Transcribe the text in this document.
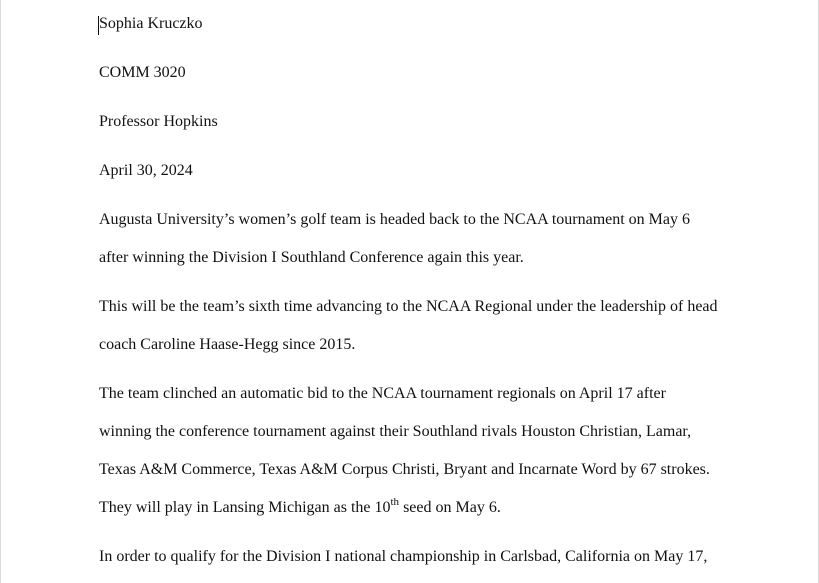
Sophia Kruczko
COMM 3020
Professor Hopkins
April 30, 2024
Augusta University’s women’s golf team is headed back to the NCAA tournament on May 6
after winning the Division I Southland Conference again this year.
This will be the team’s sixth time advancing to the NCAA Regional under the leadership of head
coach Caroline Haase-Hegg since 2015.
The team clinched an automatic bid to the NCAA tournament regionals on April 17 after
winning the conference tournament against their Southland rivals Houston Christian, Lamar,
Texas A&M Commerce, Texas A&M Corpus Christi, Bryant and Incarnate Word by 67 strokes.
They will play in Lansing Michigan as the 10th seed on May 6.
In order to qualify for the Division I national championship in Carlsbad, California on May 17,
